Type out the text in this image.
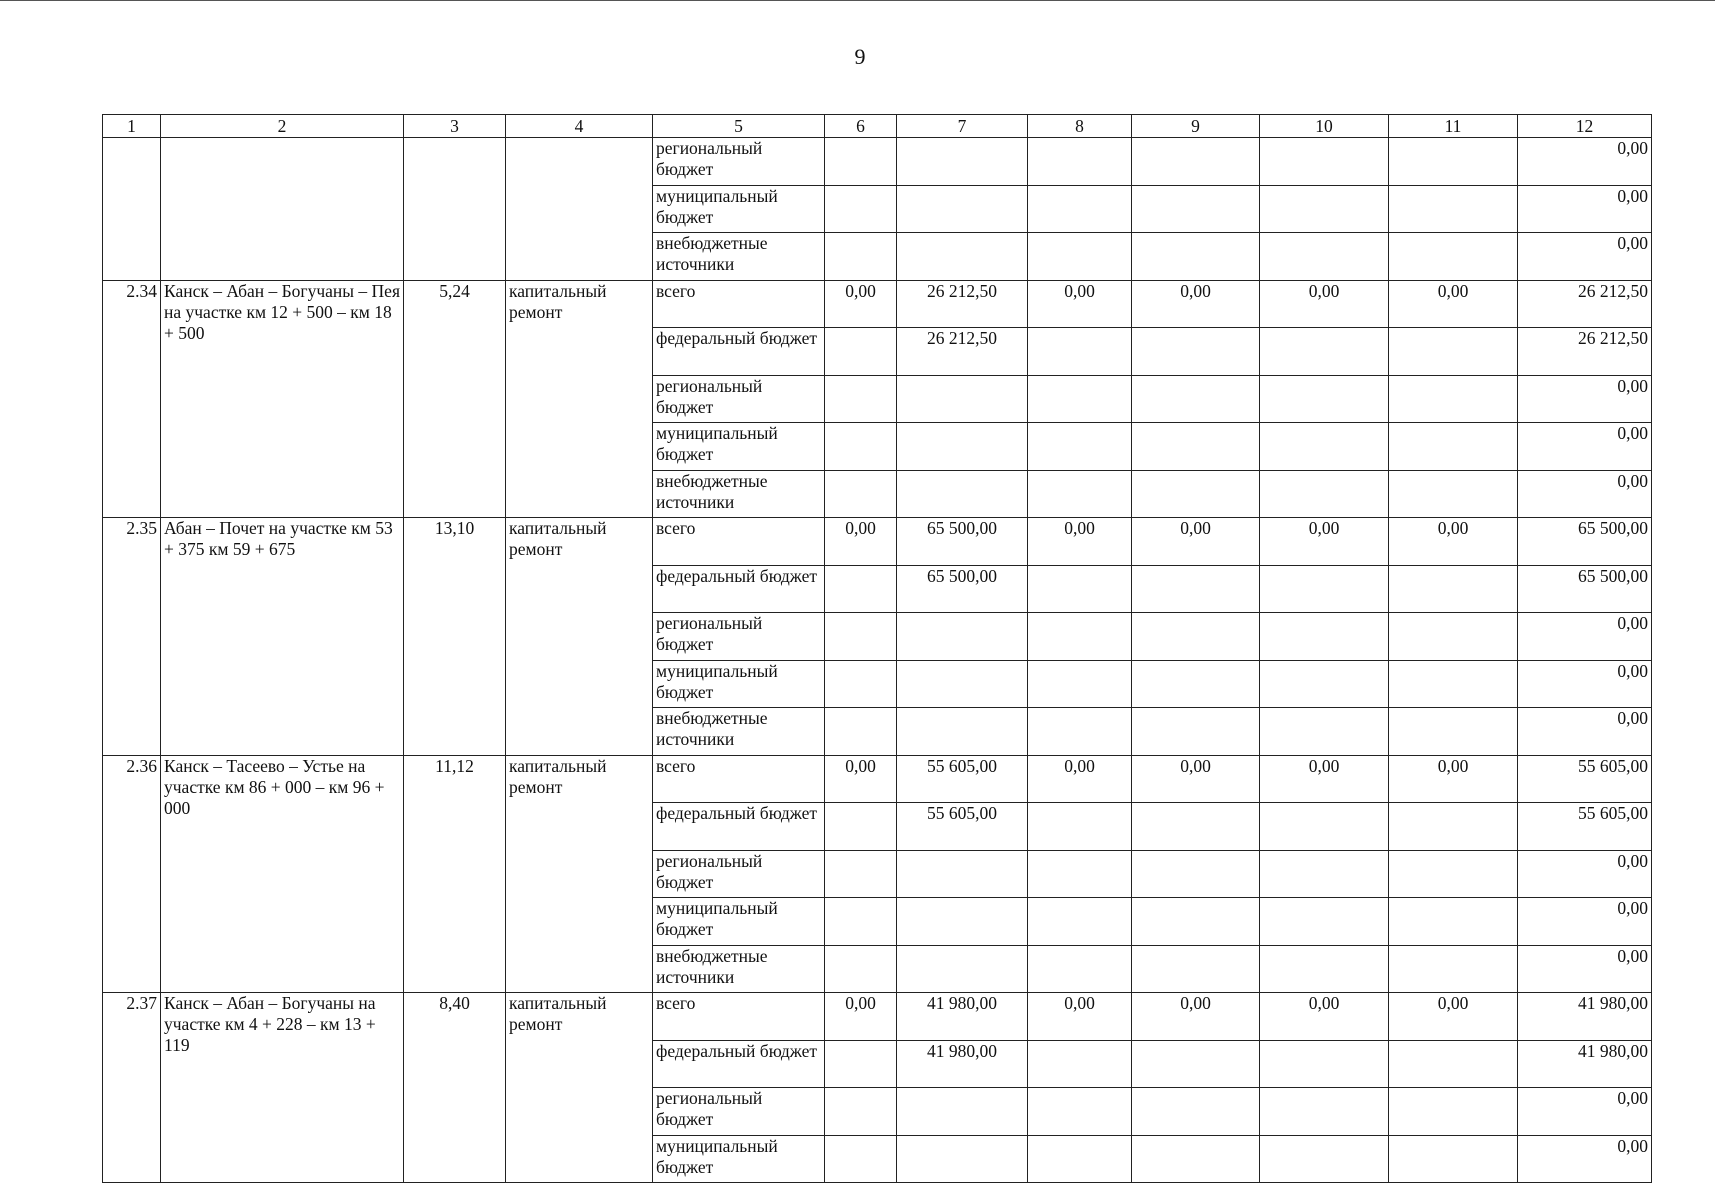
9
1	2	3	4	5	6	7	8	9	10	11	12
				региональный бюджет							0,00
				муниципальный бюджет							0,00
				внебюджетные источники							0,00
2.34	Канск – Абан – Богучаны – Пея на участке км 12 + 500 – км 18 + 500	5,24	капитальный ремонт	всего	0,00	26 212,50	0,00	0,00	0,00	0,00	26 212,50
				федеральный бюджет		26 212,50					26 212,50
				региональный бюджет							0,00
				муниципальный бюджет							0,00
				внебюджетные источники							0,00
2.35	Абан – Почет на участке км 53 + 375 км 59 + 675	13,10	капитальный ремонт	всего	0,00	65 500,00	0,00	0,00	0,00	0,00	65 500,00
				федеральный бюджет		65 500,00					65 500,00
				региональный бюджет							0,00
				муниципальный бюджет							0,00
				внебюджетные источники							0,00
2.36	Канск – Тасеево – Устье на участке км 86 + 000 – км 96 + 000	11,12	капитальный ремонт	всего	0,00	55 605,00	0,00	0,00	0,00	0,00	55 605,00
				федеральный бюджет		55 605,00					55 605,00
				региональный бюджет							0,00
				муниципальный бюджет							0,00
				внебюджетные источники							0,00
2.37	Канск – Абан – Богучаны на участке км 4 + 228 – км 13 + 119	8,40	капитальный ремонт	всего	0,00	41 980,00	0,00	0,00	0,00	0,00	41 980,00
				федеральный бюджет		41 980,00					41 980,00
				региональный бюджет							0,00
				муниципальный бюджет							0,00
